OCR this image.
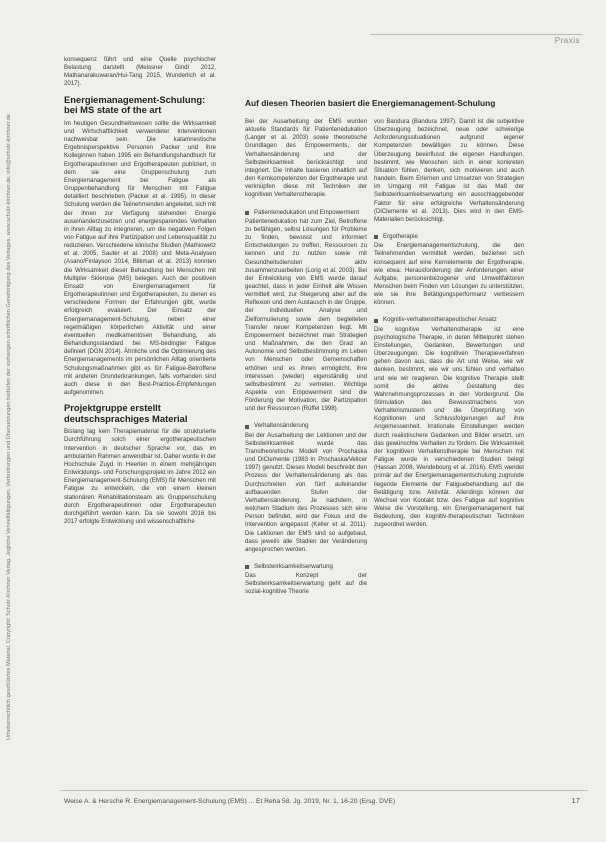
Urheberrechtlich geschütztes Material. Copyright: Schulz-Kirchner Verlag. Jegliche Vervielfältigungen, Verbreitungen und Übersetzungen bedürfen der vorherigen schriftlichen Genehmigung des Verlages, www.schulz-kirchner.de, info@schulz-kirchner.de
Praxis

konsequenz führt und eine Quelle psychischer Belastung darstellt (Meissner Gindl 2012, Mathanarakuwaran/Hui-Tang 2015, Wunderlich et al. 2017).

Energiemanagement-Schulung: bei MS state of the art

Im heutigen Gesundheitswesen sollte die Wirksamkeit und Wirtschaftlichkeit verwendeter Interventionen nachweisbar sein. Die katamnestische Ergebnisperspektive Personen Packer und ihre Kolleginnen haben 1995 ein Behandlungshandbuch für Ergotherapeutinnen und Ergotherapeuten publiziert, in dem sie eine Gruppenschulung zum Energiemanagement bei Fatigue als Gruppenbehandlung für Menschen mit Fatigue detailliert beschrieben (Packer et al. 1995). In dieser Schulung werden die Teilnehmenden angeleitet, sich mit der ihnen zur Verfügung stehenden Energie auseinanderzusetzen und energiesparendes Verhalten in ihren Alltag zu integrieren, um die negativen Folgen von Fatigue auf ihre Partizipation und Lebensqualität zu reduzieren. Verschiedene klinische Studien (Mathiowetz et al. 2005, Sauter et al. 2008) und Meta-Analysen (Asano/Finlayson 2014, Blikman et al. 2013) konnten die Wirksamkeit dieser Behandlung bei Menschen mit Multipler Sklerose (MS) belegen. Auch der positiven Einsatz von Energiemanagement für Ergotherapeutinnen und Ergotherapeuten, zu denen es verschiedene Formen der Erfahrungen gibt, wurde erfolgreich evaluiert. Der Einsatz der Energiemanagement-Schulung, neben einer regelmäßigen körperlichen Aktivität und einer eventuellen medikamentösen Behandlung, als Behandlungsstandard bei MS-bedingter Fatigue definiert (DGN 2014). Ähnliche und die Optimierung des Energiemanagements im persönlichen Alltag orientierte Schulungsmaßnahmen gibt es für Fatigue-Betroffene mit anderen Grunderkrankungen, falls vorhanden sind auch diese in den Best-Practice-Empfehlungen aufgenommen.

Projektgruppe erstellt deutschsprachiges Material

Bislang lag kein Therapiematerial für die strukturierte Durchführung solch einer ergotherapeutischen Intervention in deutscher Sprache vor, das im ambulanten Rahmen anwendbar ist. Daher wurde in der Hochschule Zuyd in Heerlen in einem mehrjährigen Entwicklungs- und Forschungsprojekt im Jahre 2012 ein Energiemanagement-Schulung (EMS) für Menschen mit Fatigue zu entwickeln, die von einem kleinen stationären Rehabilitationsteam als Gruppenschulung durch Ergotherapeutinnen oder Ergotherapeuten durchgeführt werden kann. Da sie sowohl 2016 bis 2017 erfolgte Entwicklung und wissenschaftliche

Auf diesen Theorien basiert die Energiemanagement-Schulung

Bei der Ausarbeitung der EMS wurden aktuelle Standards für Patientenedukation (Langer et al. 2003) sowie theoretische Grundlagen des Empowerments, der Verhaltensänderung und der Selbstwirksamkeit berücksichtigt und integriert. Die Inhalte basieren inhaltlich auf den Kernkompetenzen der Ergotherapie und verknüpfen diese mit Techniken der kognitiven Verhaltenstherapie.

Patientenedukation und Empowerment

Patientenedukation hat zum Ziel, Betroffene zu befähigen, selbst Lösungen für Probleme zu finden, bewusst und informiert Entscheidungen zu treffen, Ressourcen zu kennen und zu nutzen sowie mit Gesundheitsdiensten aktiv zusammenzuarbeiten (Lorig et al. 2003). Bei der Entwicklung von EMS wurde darauf geachtet, dass in jeder Einheit alle Wissen vermittelt wird, zur Steigerung aber auf die Reflexion und dem Austausch in der Gruppe, der individuellen Analyse und Zielformulierung sowie dem begleiteten Transfer neuer Kompetenzen liegt. Mit Empowerment bezeichnet man Strategien und Maßnahmen, die den Grad an Autonomie und Selbstbestimmung im Leben von Menschen oder Gemeinschaften erhöhen und es ihnen ermöglicht, ihre Interessen (wieder) eigenständig und selbstbestimmt zu vertreten. Wichtige Aspekte von Empowerment sind die Förderung der Motivation, der Partizipation und der Ressourcen (Rüffel 1998).

Verhaltensänderung

Bei der Ausarbeitung der Lektionen und der Selbstwirksamkeit wurde das Transtheoretische Modell von Prochaska und DiClemente (1983 in Prochaska/Velicer 1997) genutzt. Dieses Modell beschreibt den Prozess der Verhaltensänderung als das Durchschreiten von fünf aufeinander aufbauenden Stufen der Verhaltensänderung. Je nachdem, in welchem Stadium des Prozesses sich eine Person befindet, wird der Fokus und die Intervention angepasst (Keller et al. 2011). Die Lektionen der EMS sind so aufgebaut, dass jeweils alle Stadien der Veränderung angesprochen werden.

Selbstwirksamkeitserwartung

Das Konzept der Selbstwirksamkeitserwartung geht auf die sozial-kognitive Theorie

von Bandura (Bandura 1997). Damit ist die subjektive Überzeugung bezeichnet, neue oder schwierige Anforderungssituationen aufgrund eigener Kompetenzen bewältigen zu können. Diese Überzeugung beeinflusst die eigenen Handlungen, bestimmt, wie Menschen sich in einer konkreten Situation fühlen, denken, sich motivieren und auch handeln. Beim Erlernen und Umsetzen von Strategien im Umgang mit Fatigue ist das Maß der Selbstwirksamkeitserwartung ein ausschlaggebender Faktor für eine erfolgreiche Verhaltensänderung (DiClemente et al. 2013). Dies wird in den EMS-Materialien berücksichtigt.

Ergotherapie

Die Energiemanagementschulung, die den Teilnehmenden vermittelt werden, beziehen sich konsequent auf eine Kernelemente der Ergotherapie, wie etwa: Herausforderung der Anforderungen einer Aufgabe, personenbezogener und Umweltfaktoren Menschen beim Finden von Lösungen zu unterstützen, wie sie ihre Betätigungsperformanz verbessern können.

Kognitiv-verhaltenstherapeutischer Ansatz

Die kognitive Verhaltenstherapie ist eine psychologische Therapie, in deren Mittelpunkt stehen Einstellungen, Gedanken, Bewertungen und Überzeugungen. Die kognitiven Therapieverfahren gehen davon aus, dass die Art und Weise, wie wir denken, bestimmt, wie wir uns fühlen und verhalten und wie wir reagieren. Die kognitive Therapie stellt somit die aktive Gestaltung des Wahrnehmungsprozesses in den Vordergrund. Die Stimulation des Bewusstmachens von Verhaltensmustern und die Überprüfung von Kognitionen und Schlussfolgerungen auf ihre Angemessenheit. Irrationale Einstellungen werden durch realistischere Gedanken und Bilder ersetzt, um das gewünschte Verhalten zu fördern. Die Wirksamkeit der kognitiven Verhaltenstherapie bei Menschen mit Fatigue wurde in verschiedenen Studien belegt (Hassan 2008, Wendebourg et al. 2016). EMS wendet primär auf der Energiemanagementschulung zugrunde liegende Elemente der Fatiguebehandlung auf die Betätigung bzw. Aktivität. Allerdings können der Wechsel von Kontakt bzw. des Fatigue auf kognitive Weise die Vorstellung, ein Energiemanagement hat Bedeutung, den kognitiv-therapeutischen Techniken zugeordnet werden.

Weise A. & Hersche R. Energiemanagement-Schulung (EMS) ... Et Reha 58. Jg. 2019, Nr. 1, 16-20 (Ersg. DVE)	17
